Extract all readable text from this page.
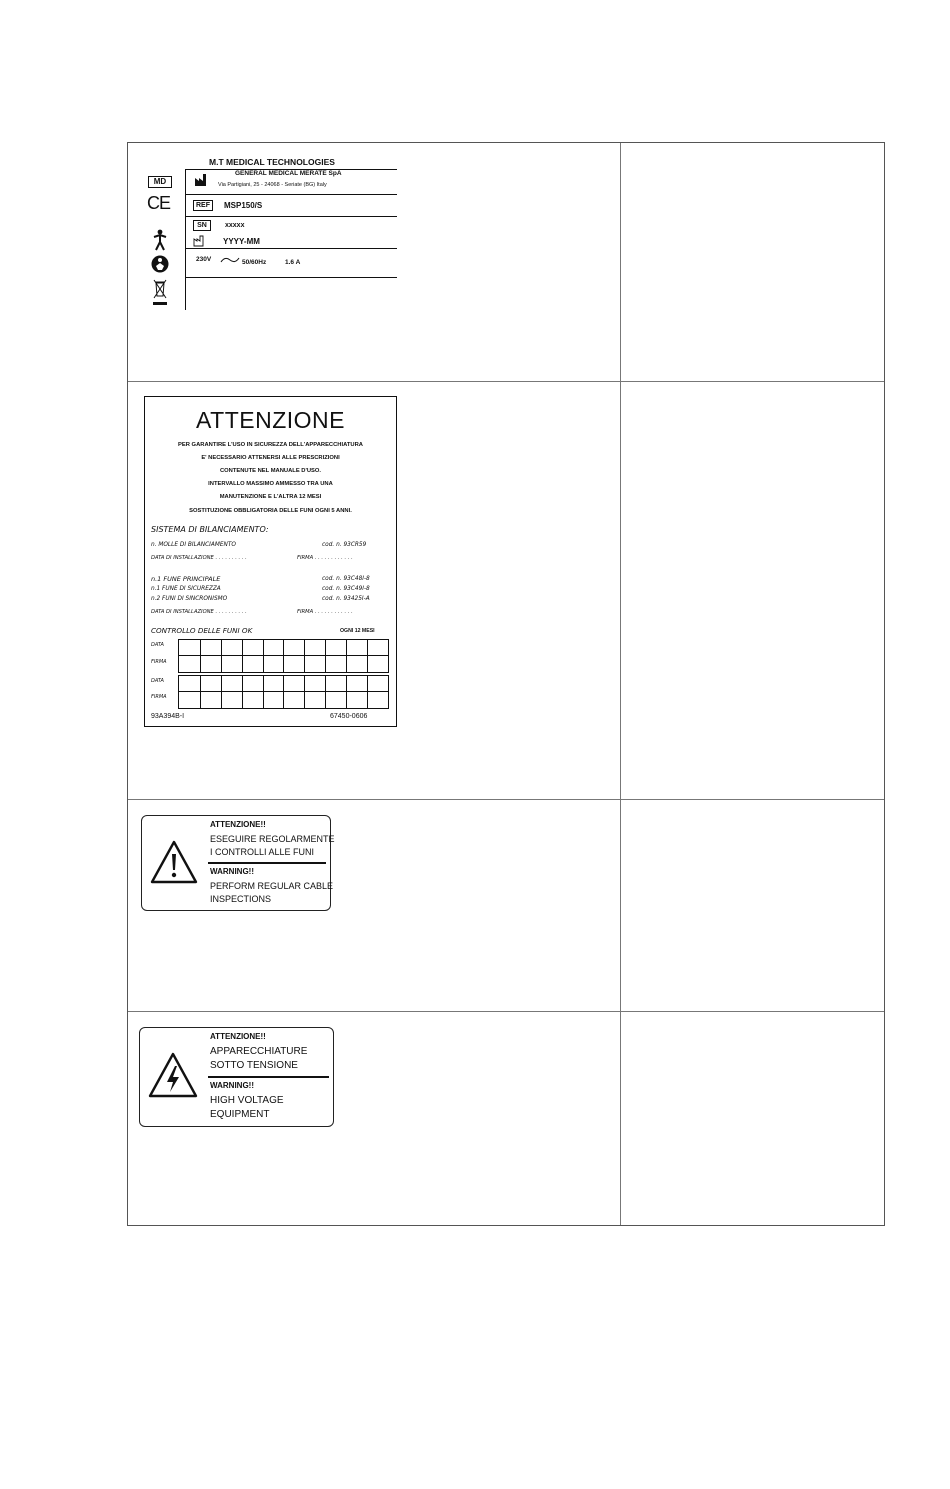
M.T MEDICAL TECHNOLOGIES
MD
CE
GENERAL MEDICAL MERATE SpA
Via Partigiani, 25 - 24068 - Seriate (BG) Italy
REF	MSP150/S
SN	xxxxx
YYYY-MM
230V	50/60Hz	1.6 A
ATTENZIONE
PER GARANTIRE L'USO IN SICUREZZA DELL'APPARECCHIATURA
E' NECESSARIO ATTENERSI ALLE PRESCRIZIONI
CONTENUTE NEL MANUALE D'USO.
INTERVALLO MASSIMO AMMESSO TRA UNA
MANUTENZIONE E L'ALTRA 12 MESI
SOSTITUZIONE OBBLIGATORIA DELLE FUNI OGNI 5 ANNI.
SISTEMA DI BILANCIAMENTO:
n. MOLLE DI BILANCIAMENTO	cod. n. 93CR59
DATA DI INSTALLAZIONE . . . . . . . . . .	FIRMA . . . . . . . . . . . .
n.1 FUNE PRINCIPALE	cod. n. 93C48I-8
n.1 FUNE DI SICUREZZA	cod. n. 93C49I-8
n.2 FUNI DI SINCRONISMO	cod. n. 93425I-A
DATA DI INSTALLAZIONE . . . . . . . . . .	FIRMA . . . . . . . . . . . .
CONTROLLO DELLE FUNI OK	OGNI 12 MESI
DATA
FIRMA
DATA
FIRMA
93A394B-I	67450-0606
ATTENZIONE!!
ESEGUIRE REGOLARMENTE
I CONTROLLI ALLE FUNI
WARNING!!
PERFORM REGULAR CABLE
INSPECTIONS
ATTENZIONE!!
APPARECCHIATURE
SOTTO TENSIONE
WARNING!!
HIGH VOLTAGE
EQUIPMENT
